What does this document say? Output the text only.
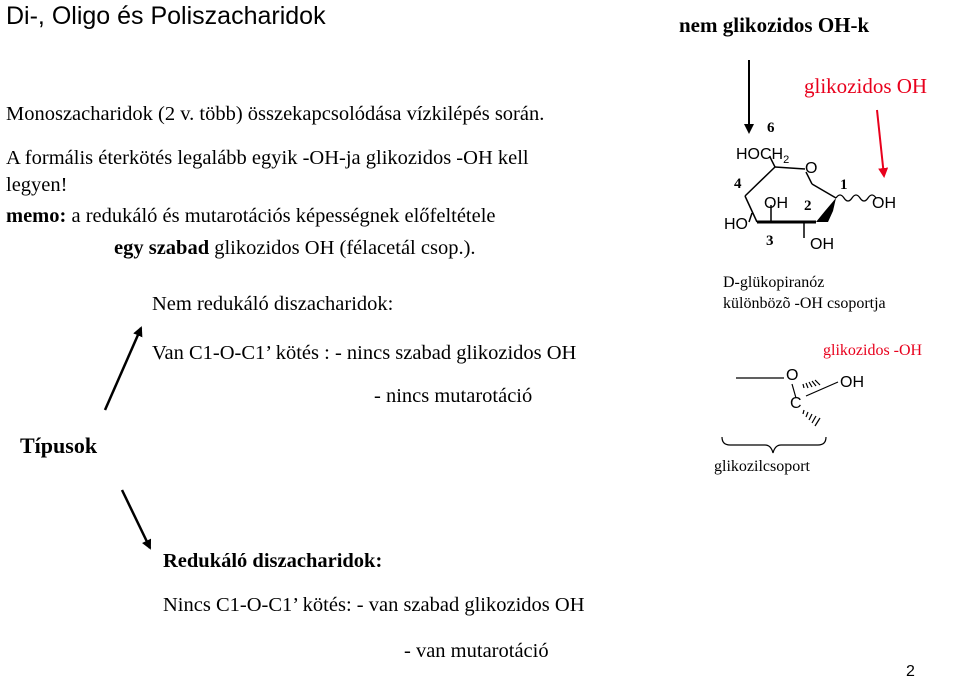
Di-, Oligo és Poliszacharidok	nem glikozidos OH-k
Monoszacharidok (2 v. több) összekapcsolódása vízkilépés során.
A formális éterkötés legalább egyik -OH-ja glikozidos -OH kell
legyen!
memo: a redukáló és mutarotációs képességnek előfeltétele
egy szabad glikozidos OH (félacetál csop.).
Nem redukáló diszacharidok:
Van C1-O-C1’ kötés : - nincs szabad glikozidos OH
- nincs mutarotáció
Típusok
Redukáló diszacharidok:
Nincs C1-O-C1’ kötés: - van szabad glikozidos OH
- van mutarotáció
glikozidos OH
6
$HOCH_2$ O
1
4
OH 2	OH
HO
3 OH
D-glükopiranóz
különbözõ -OH csoportja
glikozidos -OH
O
C
OH
glikozilcsoport
2
